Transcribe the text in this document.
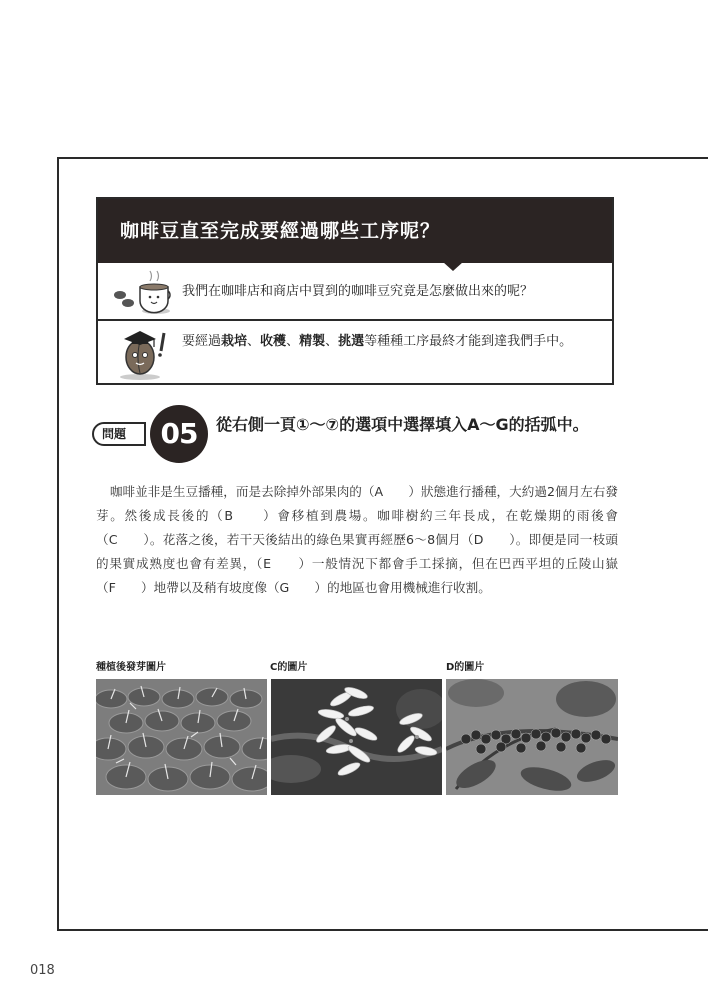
咖啡豆直至完成要經過哪些工序呢？
我們在咖啡店和商店中買到的咖啡豆究竟是怎麼做出來的呢？
要經過栽培、收穫、精製、挑選等種種工序最終才能到達我們手中。
問題	05	從右側一頁①～⑦的選項中選擇填入A～G的括弧中。

咖啡並非是生豆播種，而是去除掉外部果肉的（A　　）狀態進行播種，大約過2個月左右發芽。然後成長後的（B　　）會移植到農場。咖啡樹約三年長成，在乾燥期的雨後會（C　　）。花落之後，若干天後結出的綠色果實再經歷6～8個月（D　　）。即便是同一枝頭的果實成熟度也會有差異，（E　　）一般情況下都會手工採摘，但在巴西平坦的丘陵山嶽（F　　）地帶以及稍有坡度像（G　　）的地區也會用機械進行收割。

種植後發芽圖片	C的圖片	D的圖片
018
